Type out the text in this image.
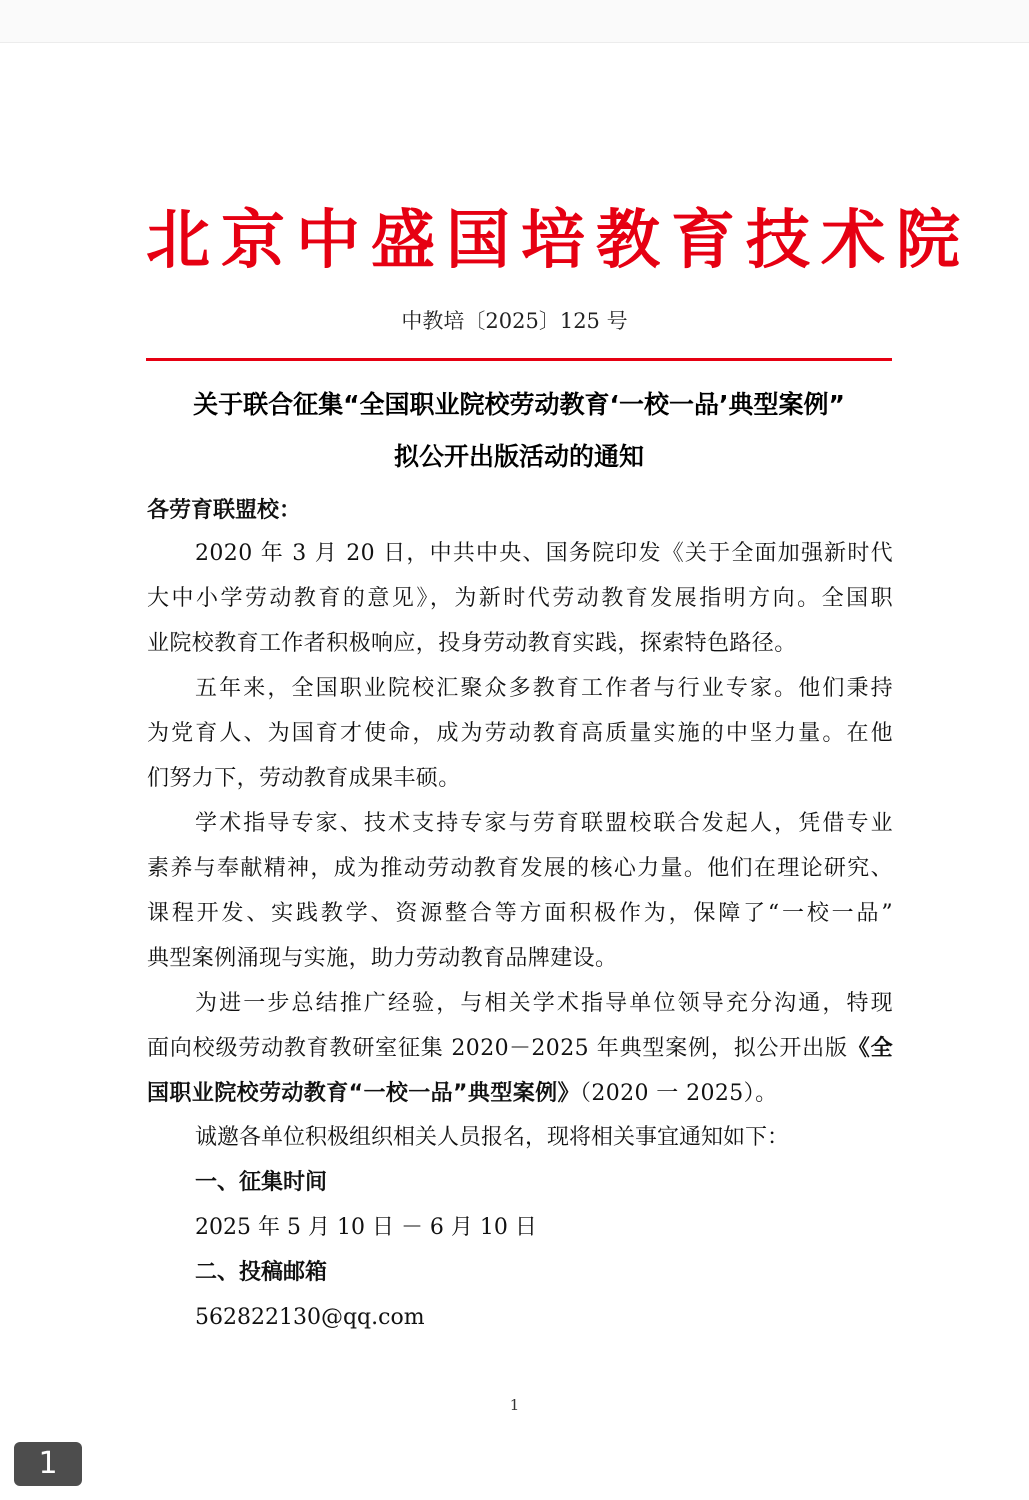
北京中盛国培教育技术院
中教培〔2025〕125 号
关于联合征集“全国职业院校劳动教育‘一校一品’典型案例”
拟公开出版活动的通知
各劳育联盟校：
2020 年 3 月 20 日，中共中央、国务院印发《关于全面加强新时代
大中小学劳动教育的意见》，为新时代劳动教育发展指明方向。全国职
业院校教育工作者积极响应，投身劳动教育实践，探索特色路径。
五年来，全国职业院校汇聚众多教育工作者与行业专家。他们秉持
为党育人、为国育才使命，成为劳动教育高质量实施的中坚力量。在他
们努力下，劳动教育成果丰硕。
学术指导专家、技术支持专家与劳育联盟校联合发起人，凭借专业
素养与奉献精神，成为推动劳动教育发展的核心力量。他们在理论研究、
课程开发、实践教学、资源整合等方面积极作为，保障了“一校一品”
典型案例涌现与实施，助力劳动教育品牌建设。
为进一步总结推广经验，与相关学术指导单位领导充分沟通，特现
面向校级劳动教育教研室征集 2020－2025 年典型案例，拟公开出版《全
国职业院校劳动教育“一校一品”典型案例》（2020 一 2025）。
诚邀各单位积极组织相关人员报名，现将相关事宜通知如下：
一、征集时间
2025 年 5 月 10 日 － 6 月 10 日
二、投稿邮箱
562822130@qq.com
1
1
